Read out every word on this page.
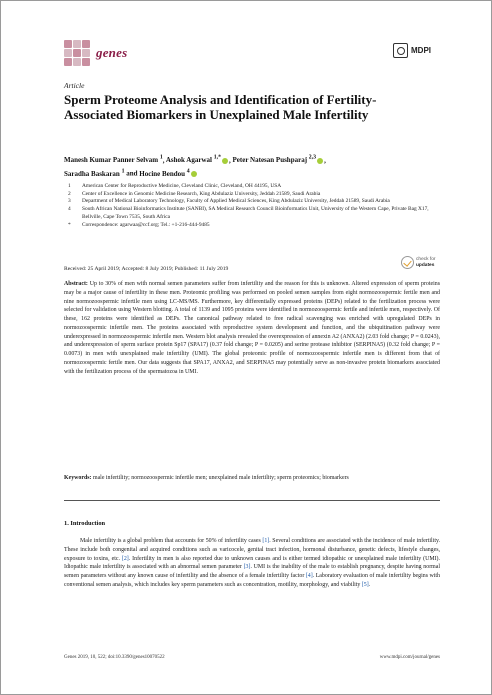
genes	MDPI
Article
Sperm Proteome Analysis and Identification of Fertility-Associated Biomarkers in Unexplained Male Infertility
Manesh Kumar Panner Selvam $^1$, Ashok Agarwal $^{1,*}$ , Peter Natesan Pushparaj $^{2,3}$ ,
Saradha Baskaran $^1$ and Hocine Bendou $^4$
1	American Center for Reproductive Medicine, Cleveland Clinic, Cleveland, OH 44195, USA
2	Center of Excellence in Genomic Medicine Research, King Abdulaziz University, Jeddah 21589, Saudi Arabia
3	Department of Medical Laboratory Technology, Faculty of Applied Medical Sciences, King Abdulaziz University, Jeddah 21589, Saudi Arabia
4	South African National Bioinformatics Institute (SANBI), SA Medical Research Council Bioinformatics Unit, University of the Western Cape, Private Bag X17, Bellville, Cape Town 7535, South Africa
*	Correspondence: agarwaa@ccf.org; Tel.: +1-216-444-9485
Received: 25 April 2019; Accepted: 8 July 2019; Published: 11 July 2019
check for
updates
Abstract: Up to 30% of men with normal semen parameters suffer from infertility and the reason for this is unknown. Altered expression of sperm proteins may be a major cause of infertility in these men. Proteomic profiling was performed on pooled semen samples from eight normozoospermic fertile men and nine normozoospermic infertile men using LC-MS/MS. Furthermore, key differentially expressed proteins (DEPs) related to the fertilization process were selected for validation using Western blotting. A total of 1139 and 1095 proteins were identified in normozoospermic fertile and infertile men, respectively. Of these, 162 proteins were identified as DEPs. The canonical pathway related to free radical scavenging was enriched with upregulated DEPs in normozoospermic infertile men. The proteins associated with reproductive system development and function, and the ubiquitination pathway were underexpressed in normozoospermic infertile men. Western blot analysis revealed the overexpression of annexin A2 (ANXA2) (2.03 fold change; P = 0.0243), and underexpression of sperm surface protein Sp17 (SPA17) (0.37 fold change; P = 0.0205) and serine protease inhibitor (SERPINA5) (0.32 fold change; P = 0.0073) in men with unexplained male infertility (UMI). The global proteomic profile of normozoospermic infertile men is different from that of normozoospermic fertile men. Our data suggests that SPA17, ANXA2, and SERPINA5 may potentially serve as non-invasive protein biomarkers associated with the fertilization process of the spermatozoa in UMI.
Keywords: male infertility; normozoospermic infertile men; unexplained male infertility; sperm proteomics; biomarkers
1. Introduction
Male infertility is a global problem that accounts for 50% of infertility cases [1]. Several conditions are associated with the incidence of male infertility. These include both congenital and acquired conditions such as varicocele, genital tract infection, hormonal disturbance, genetic defects, lifestyle changes, exposure to toxins, etc. [2]. Infertility in men is also reported due to unknown causes and is either termed idiopathic or unexplained male infertility (UMI). Idiopathic male infertility is associated with an abnormal semen parameter [3]. UMI is the inability of the male to establish pregnancy, despite having normal semen parameters without any known cause of infertility and the absence of a female infertility factor [4]. Laboratory evaluation of male infertility begins with conventional semen analysis, which includes key sperm parameters such as concentration, motility, morphology, and viability [5].
Genes 2019, 10, 522; doi:10.3390/genes10070522	www.mdpi.com/journal/genes
